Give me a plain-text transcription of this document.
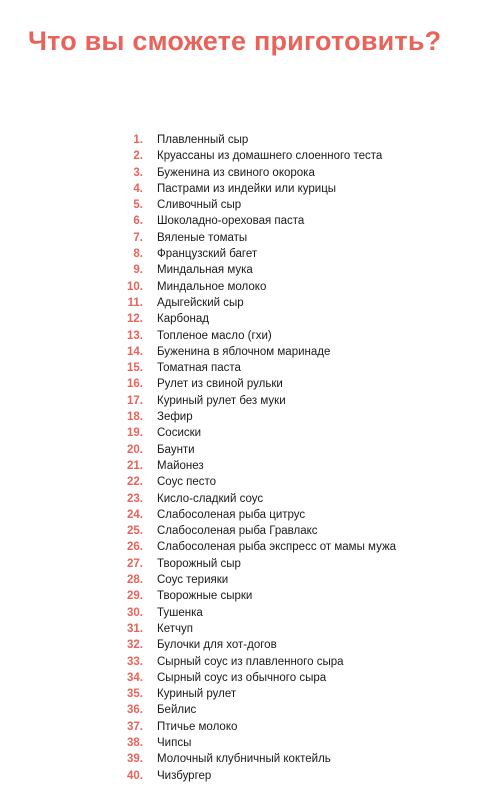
Что вы сможете приготовить?
1. Плавленный сыр
2. Круассаны из домашнего слоенного теста
3. Буженина из свиного окорока
4. Пастрами из индейки или курицы
5. Сливочный сыр
6. Шоколадно-ореховая паста
7. Вяленые томаты
8. Французский багет
9. Миндальная мука
10. Миндальное молоко
11. Адыгейский сыр
12. Карбонад
13. Топленое масло (гхи)
14. Буженина в яблочном маринаде
15. Томатная паста
16. Рулет из свиной рульки
17. Куриный рулет без муки
18. Зефир
19. Сосиски
20. Баунти
21. Майонез
22. Соус песто
23. Кисло-сладкий соус
24. Слабосоленая рыба цитрус
25. Слабосоленая рыба Гравлакс
26. Слабосоленая рыба экспресс от мамы мужа
27. Творожный сыр
28. Соус терияки
29. Творожные сырки
30. Тушенка
31. Кетчуп
32. Булочки для хот-догов
33. Сырный соус из плавленного сыра
34. Сырный соус из обычного сыра
35. Куриный рулет
36. Бейлис
37. Птичье молоко
38. Чипсы
39. Молочный клубничный коктейль
40. Чизбургер
